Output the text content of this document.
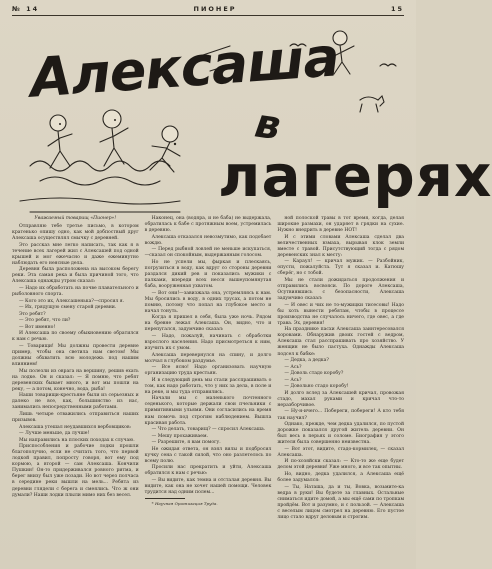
№ 14	ПИОНЕР	15
Алексаша
в
лагерях

Уважаемый товарищ «Пионер»!

Отправляю тебе третье письмо, в котором кратенько опишу одно, как мой добпоствый друг Алексаша осуществлял смычку с деревней.

Это рассказ мне легко написать, так как я в течение всех лагерей жил с Алексашей под одной крышей и мог ежечасно и даже ежеминутно наблюдать его неясные дела.

Деревня была расположена на высоком берегу реки. Эта самая река и была причиной того, что Алексаша однажды утром сказал:

— Надо их обработать на почве плавательного и рыболовного спорта.

— Кого это их, Алексашенька?—спросил я.

— Их, грядущую смену старой деревни.

Это ребят?

— Это ребят, что ли?

— Вот именно!

И Алексаша по своему обыкновению обратился к нам с речью.

— Товарищи! Мы должны провести деревне пример, чтобы она светила нам светом! Мы должны обхватить всю молодежь под нашим влиянием!

Мы полезли из оврага на вершину, решив ехать на лодке. Он и сказал: — Я помню, что ребят деревенских бывает много, и вот мы пошли на реку, — а потом, конечно, вода, рыба!

Наши товарищи-крестьяне были из серьезных и далеко не все, как, большинство из нас, занимались непосредственными работами.

Лишь четыре отважились отправиться наших призывов.

Алексаша утешал неудавшихся вербовщиков:

— Лучше меньше, да лучше!

Мы направились на плоских походах к случаю.

Приспособления и рабочие лодки прошли благополучно, если не считать того, что первой лодкой правил, попросту говоря, вот ему под кормою, а второй — сам Алексаша. Кончили Пушкин! Он-то придерживался ровного ритма, и берег внизу был уже позади. Но вот через полчаса в середине реки вышли на мель... Ребята из деревни глядели с берега и смеялись. Что ж они думали? Наши лодки плыли мимо них без весел.

Наконец, она (водяра, и не баба) не выдержала, обратилась к бабе с протяжным воем, устремилась в деревню.

Алексаша отказался невозмутимо, как подобает вождю.

— Перед рыбной ловлей не меньше искупаться,—сказал он спокойным, выдержанным голосом.

Но не успели мы, фыркая и плескаясь, погрузиться в воду, как вдруг со стороны деревни раздался дикий рев и показались мужики с палками, впереди всех несся вышеупомянутая баба, вооруженная ухватом.

— Вот они!—завизжала она, устремляясь к нам. Мы бросились в воду, в одних трусах, а потом не помню, потому что попал на глубокое место и начал тонуть.

Когда я пришел в себя, была уже ночь. Рядом на бревне лежал Алексаша. Он, видно, что и перепугался, задумчиво сказал:

— Надо, пожалуй, начинать с обработки взрослого населения. Надо присмотреться к ним, изучить их с умом.

Алексаша перевернулся на спину, и долго молчал в глубоком раздумье.

— Все ясно! Надо организовать научную организацию труда крестьян.

И в следующий день мы стали расспрашивать о том, как надо работать, что у них за дела, в поле и на реке, и мы туда отправились.

Начали мы с маленького почтенного седенького, которые держали свои пчельники с примитивными ульями. Они согласились на время нам помочь под строгим наблюдением. Вышла красивая работа.

— Что делать, товарищ? — спросил Алексаша.

— Мешу прохаживаем.

— Разрешите, я вам помогу.

Не ожидая ответа, он взял вилы и подбросил кучку сена с такой силой, что оно разлетелось по всему полю.

Просили нас прекратить и уйти, Алексаша обратился к нам с речью:

— Вы видите, как темна и отсталая деревня. Вы видите, как она не хочет нашей помощи. Человек трудится над одним полем...

* Научная Организация Труда.

ной полоской травы в тот время, когда, делая широкие размахи, он ударяет в грядки на сухие. Нужно внедрить в деревне НОТ!

И с этими словами Алексаша сделал два величественных взмаха, вырывая клок земли вместе с травой. Присутствующий тогда с рядом деревенских знал к месту:

— Караул! — кричал мужик. — Разбойник, опусти, пожалуйста. Тут я сказал и. Катюшу сберёг, но с тобой.

Мы не стали дожидаться продолжения и отправились восвояси. По дороге Алексаша, Осутвиявшись с безопасности, Алексаша задумчиво сказал:

— И овес и чих не то-мужицки тисесовы! Надо бы хоть вынести ребятам, чтобы в процессе производства не случалось ничего, где овес, а где трава. Эх, деревня!

На празднике пасхи Алексаша заинтересовался коровами. Обнаружив двоих гостей с ведром, Алексаша стал расспрашивать про хозяйство. У женщин не было пастуха. Однажды Алексаша подсел к бабке:

— Дедка, а дедка?

— Ась?

— Доволь стадо коробу?

— Ась?

— Довольно стадо коробу!

И долго вслед за Алексашей кричал, провожая стадо, махал руками и кричал что-то неразборчивое.

— Ну-н-ичего... Побереги, побереги! А кто тебя так научил?

Однако, прежде, чем дедка удалился, по пустой дорожке показался другой житель деревни. Он был весь в перьях и соломе. Биография у этого жителя была совершенно неизвестна.

— Вот этот, видите, стадо-кормилец, — сказал Алексаша.

И по-хозяйски сказал: — Кто-то же еще будет делом этой деревни! Уже много, и все так опытны.

Но, видно, дедка удалился, а Алексаша ещё более задумался:

— Ты, Наташа, да и ты, Вовка, возьмите-ка ведра в руки! Вы будете за главных. Остальные сниматься идите домой, а мы ещё сами по тропкам пройдём. Вот и разумно, и с пользой. — Алексаша с веселым лицом смотрел на деревню. Его пустое лицо стало вдруг деловым и строгим.
